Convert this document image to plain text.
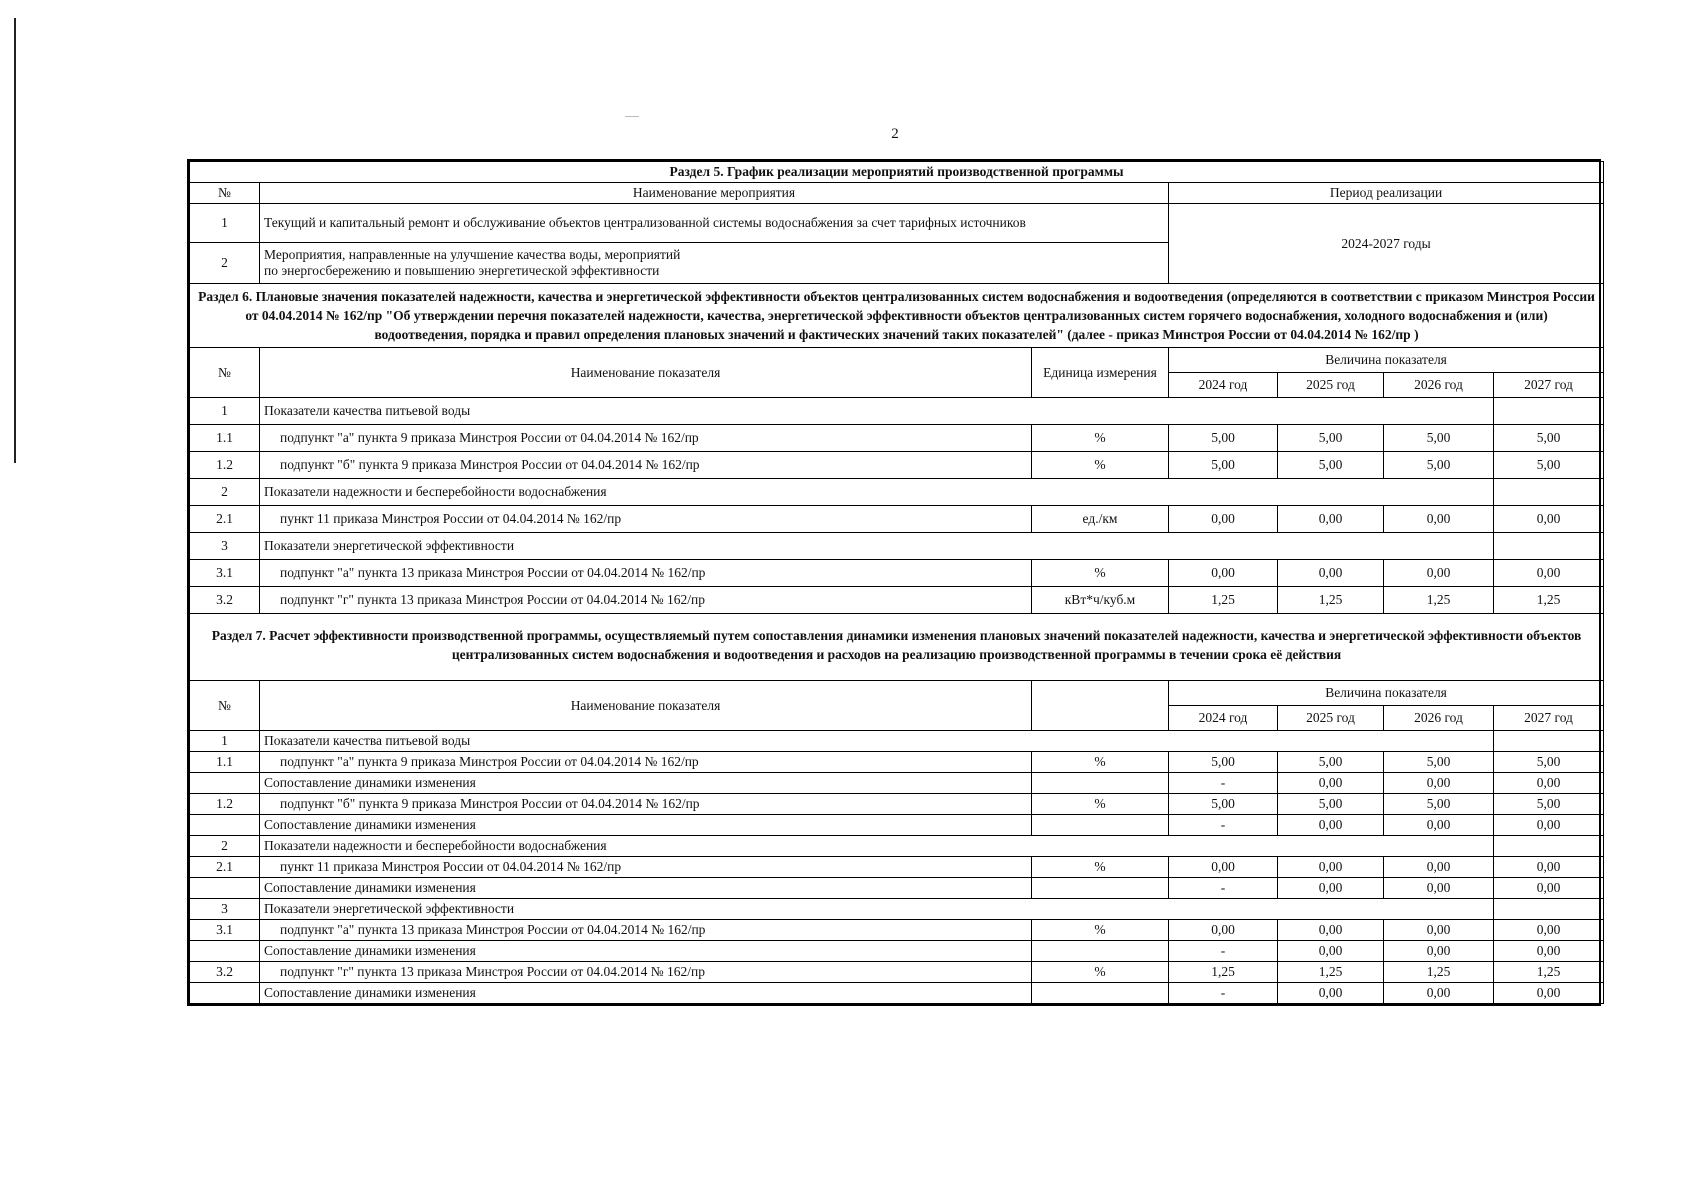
2
Раздел 5. График реализации мероприятий производственной программы						
№	Наименование мероприятия		Период реализации			
1	Текущий и капитальный ремонт и обслуживание объектов централизованной системы водоснабжения за счет тарифных источников		2024-2027 годы			
2	Мероприятия, направленные на улучшение качества воды, мероприятий
по энергосбережению и повышению энергетической эффективности					

Раздел 6. Плановые значения показателей надежности, качества и энергетической эффективности объектов централизованных систем водоснабжения и водоотведения (определяются в соответствии с приказом Минстроя России от 04.04.2014 № 162/пр "Об утверждении перечня показателей надежности, качества, энергетической эффективности объектов централизованных систем горячего водоснабжения, холодного водоснабжения и (или) водоотведения, порядка и правил определения плановых значений и фактических значений таких показателей" (далее - приказ Минстроя России от 04.04.2014 № 162/пр )						
№	Наименование показателя	Единица измерения	Величина показателя			
			2024 год	2025 год	2026 год	2027 год
1	Показатели качества питьевой воды					
1.1	подпункт "а" пункта 9 приказа Минстроя России от 04.04.2014 № 162/пр	%	5,00	5,00	5,00	5,00
1.2	подпункт "б" пункта 9 приказа Минстроя России от 04.04.2014 № 162/пр	%	5,00	5,00	5,00	5,00
2	Показатели надежности и бесперебойности водоснабжения					
2.1	пункт 11 приказа Минстроя России от 04.04.2014 № 162/пр	ед./км	0,00	0,00	0,00	0,00
3	Показатели энергетической эффективности					
3.1	подпункт "а" пункта 13 приказа Минстроя России от 04.04.2014 № 162/пр	%	0,00	0,00	0,00	0,00
3.2	подпункт "г" пункта 13 приказа Минстроя России от 04.04.2014 № 162/пр	кВт*ч/куб.м	1,25	1,25	1,25	1,25
Раздел 7. Расчет эффективности производственной программы, осуществляемый путем сопоставления динамики изменения плановых значений показателей надежности, качества и энергетической эффективности объектов централизованных систем водоснабжения и водоотведения и расходов на реализацию производственной программы в течении срока её действия						
№	Наименование показателя		Величина показателя			
			2024 год	2025 год	2026 год	2027 год
1	Показатели качества питьевой воды					
1.1	подпункт "а" пункта 9 приказа Минстроя России от 04.04.2014 № 162/пр	%	5,00	5,00	5,00	5,00
	Сопоставление динамики изменения		-	0,00	0,00	0,00
1.2	подпункт "б" пункта 9 приказа Минстроя России от 04.04.2014 № 162/пр	%	5,00	5,00	5,00	5,00
	Сопоставление динамики изменения		-	0,00	0,00	0,00
2	Показатели надежности и бесперебойности водоснабжения					
2.1	пункт 11 приказа Минстроя России от 04.04.2014 № 162/пр	%	0,00	0,00	0,00	0,00
	Сопоставление динамики изменения		-	0,00	0,00	0,00
3	Показатели энергетической эффективности					
3.1	подпункт "а" пункта 13 приказа Минстроя России от 04.04.2014 № 162/пр	%	0,00	0,00	0,00	0,00
	Сопоставление динамики изменения		-	0,00	0,00	0,00
3.2	подпункт "г" пункта 13 приказа Минстроя России от 04.04.2014 № 162/пр	%	1,25	1,25	1,25	1,25
	Сопоставление динамики изменения		-	0,00	0,00	0,00
